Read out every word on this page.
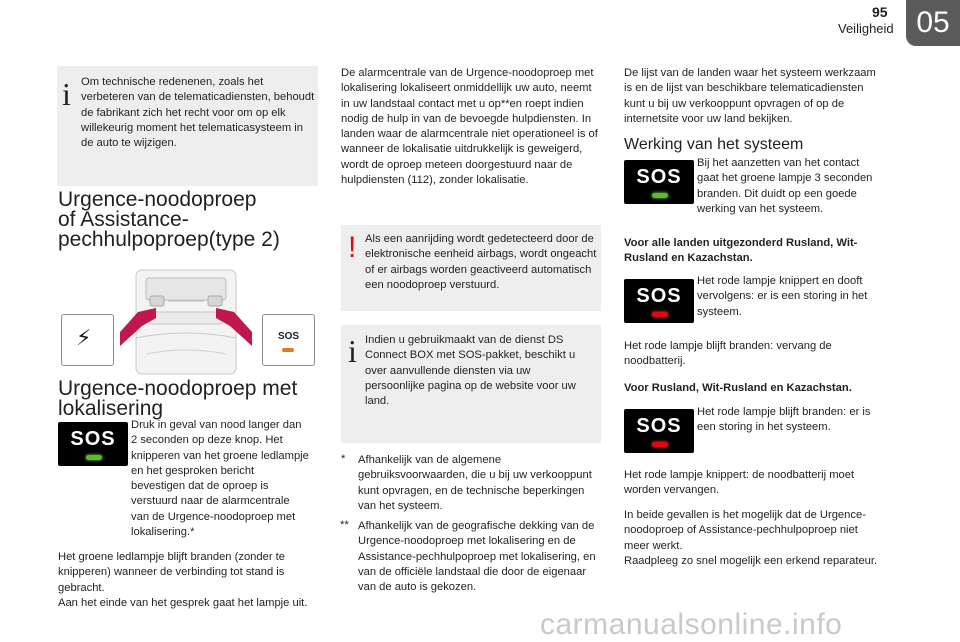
95
Veiligheid 05
i Om technische redenenen, zoals het verbeteren van de telematicadiensten, behoudt de fabrikant zich het recht voor om op elk willekeurig moment het telematicasysteem in de auto te wijzigen.
Urgence-noodoproep
of Assistance-
pechhulpoproep(type 2)
⚡	SOS
Urgence-noodoproep met
lokalisering
SOS
Druk in geval van nood langer dan 2 seconden op deze knop. Het knipperen van het groene ledlampje en het gesproken bericht bevestigen dat de oproep is verstuurd naar de alarmcentrale van de Urgence-noodoproep met lokalisering.*
Het groene ledlampje blijft branden (zonder te knipperen) wanneer de verbinding tot stand is gebracht.
Aan het einde van het gesprek gaat het lampje uit.
De alarmcentrale van de Urgence-noodoproep met lokalisering lokaliseert onmiddellijk uw auto, neemt in uw landstaal contact met u op**en roept indien nodig de hulp in van de bevoegde hulpdiensten. In landen waar de alarmcentrale niet operationeel is of wanneer de lokalisatie uitdrukkelijk is geweigerd, wordt de oproep meteen doorgestuurd naar de hulpdiensten (112), zonder lokalisatie.
! Als een aanrijding wordt gedetecteerd door de elektronische eenheid airbags, wordt ongeacht of er airbags worden geactiveerd automatisch een noodoproep verstuurd.
i Indien u gebruikmaakt van de dienst DS Connect BOX met SOS-pakket, beschikt u over aanvullende diensten via uw persoonlijke pagina op de website voor uw land.
* Afhankelijk van de algemene gebruiksvoorwaarden, die u bij uw verkooppunt kunt opvragen, en de technische beperkingen van het systeem.
** Afhankelijk van de geografische dekking van de Urgence-noodoproep met lokalisering en de Assistance-pechhulpoproep met lokalisering, en van de officiële landstaal die door de eigenaar van de auto is gekozen.
De lijst van de landen waar het systeem werkzaam is en de lijst van beschikbare telematicadiensten kunt u bij uw verkooppunt opvragen of op de internetsite voor uw land bekijken.
Werking van het systeem
SOS
Bij het aanzetten van het contact gaat het groene lampje 3 seconden branden. Dit duidt op een goede werking van het systeem.
Voor alle landen uitgezonderd Rusland, Wit-Rusland en Kazachstan.
SOS
Het rode lampje knippert en dooft vervolgens: er is een storing in het systeem.
Het rode lampje blijft branden: vervang de noodbatterij.
Voor Rusland, Wit-Rusland en Kazachstan.
SOS
Het rode lampje blijft branden: er is een storing in het systeem.
Het rode lampje knippert: de noodbatterij moet worden vervangen.
In beide gevallen is het mogelijk dat de Urgence-noodoproep of Assistance-pechhulpoproep niet meer werkt.
Raadpleeg zo snel mogelijk een erkend reparateur.
carmanualsonline.info
